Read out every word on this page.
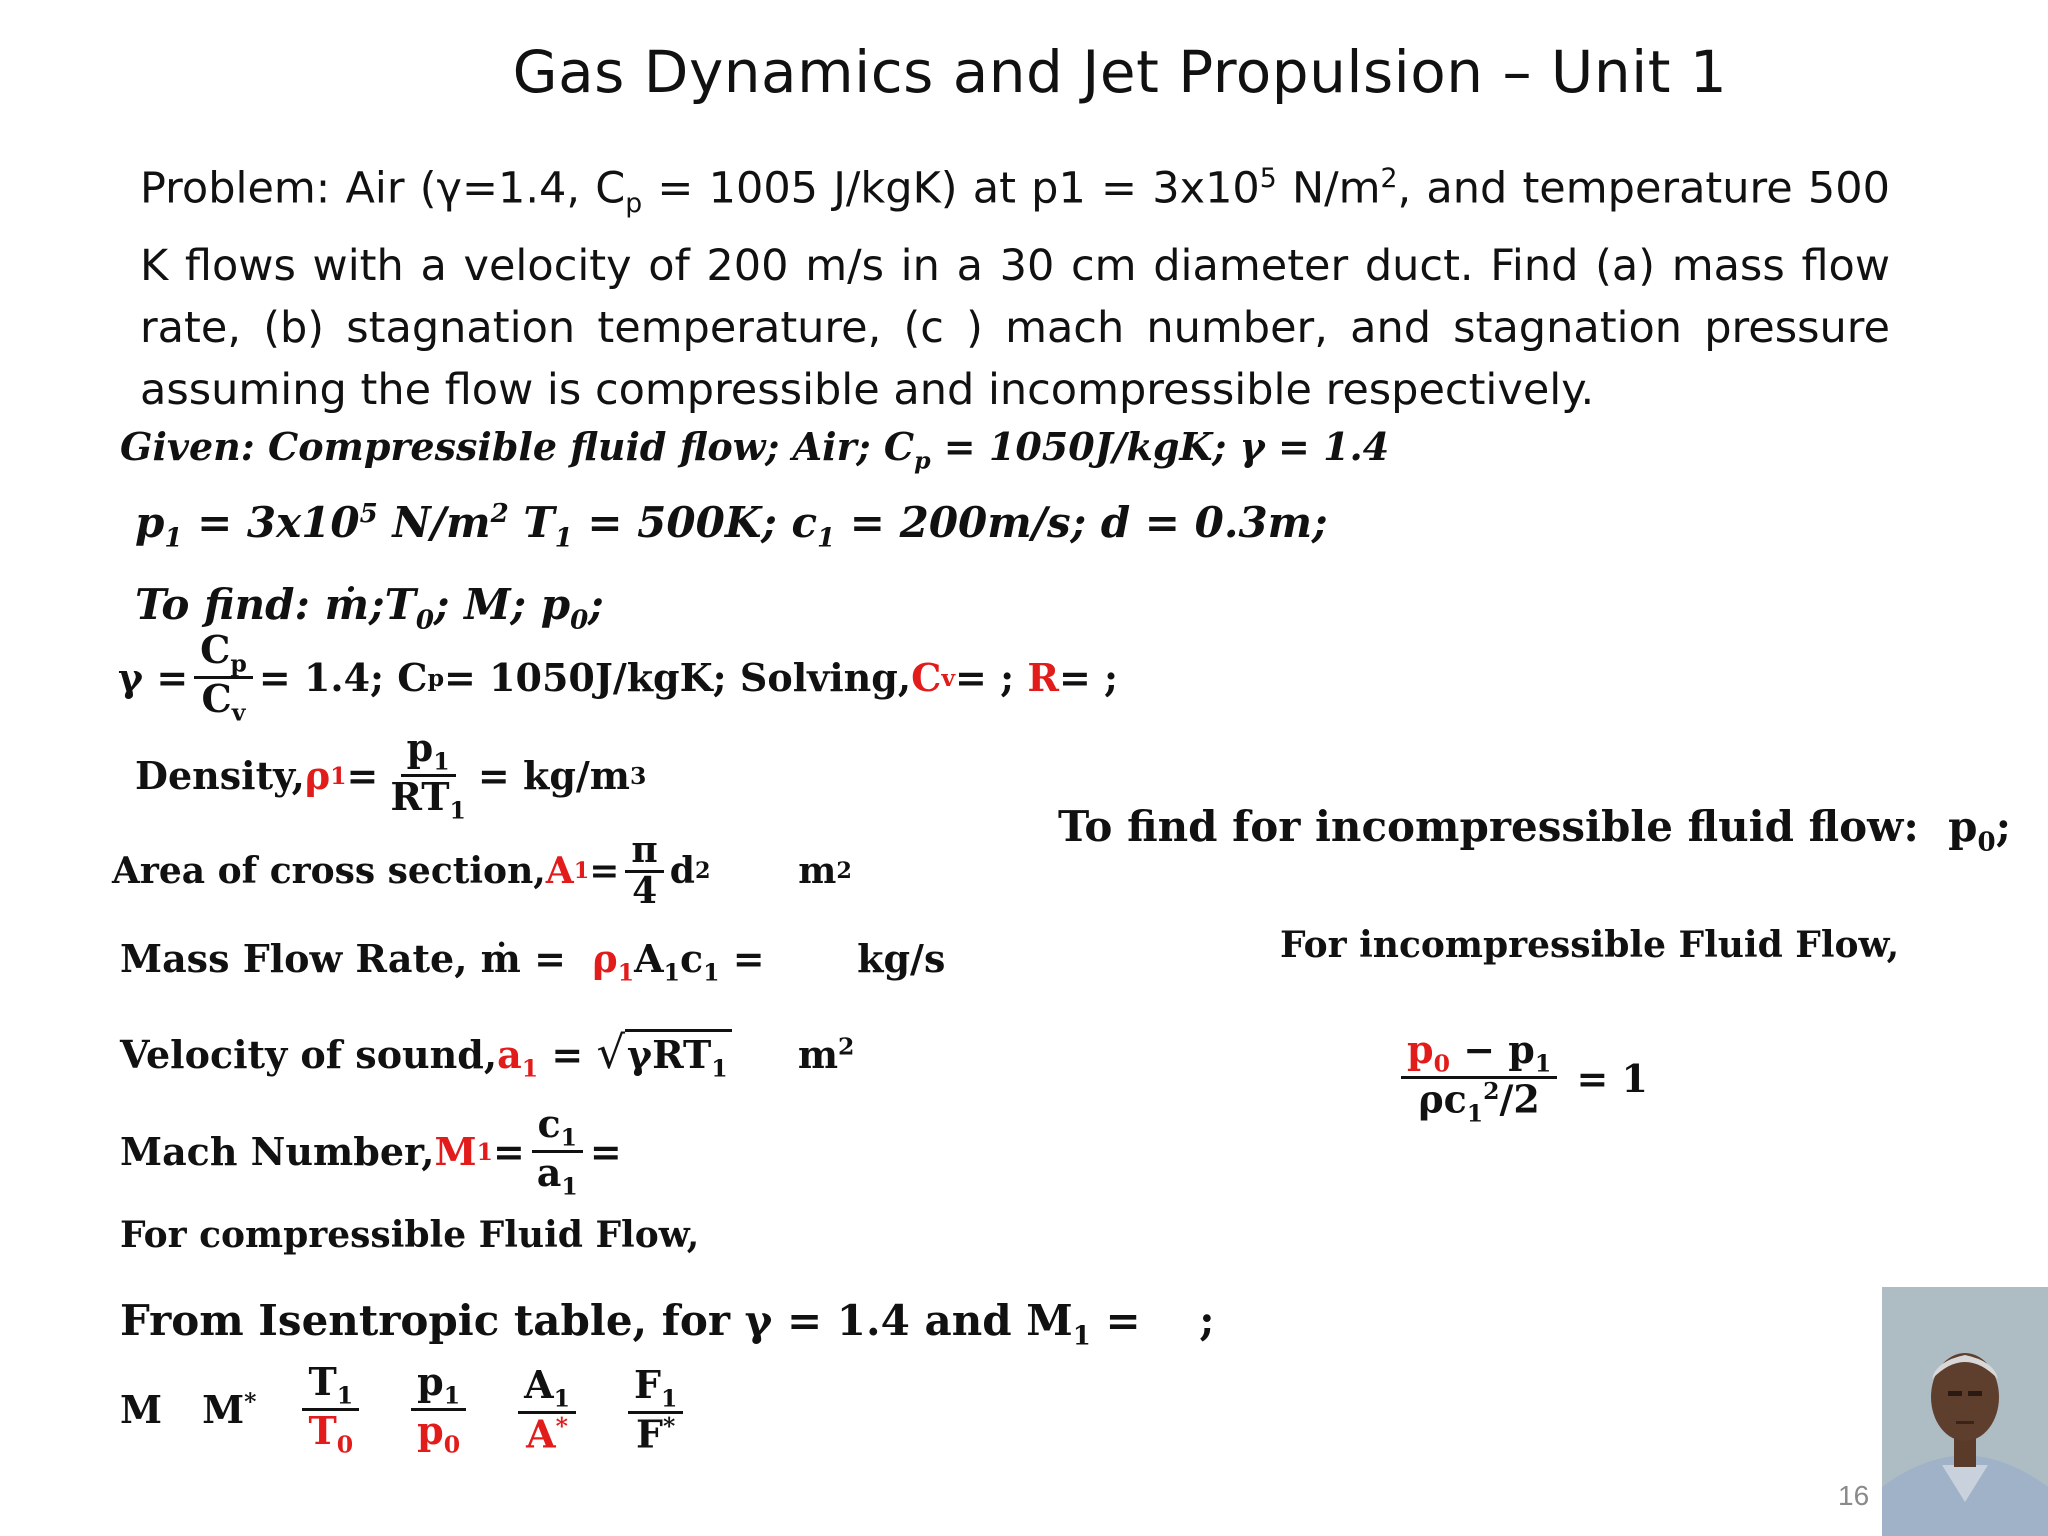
Gas Dynamics and Jet Propulsion – Unit 1
Problem: Air (γ=1.4, $C_p = 1005$ J/kgK) at $p1 = 3x10^5$ $N/m^2$, and temperature 500 K flows with a velocity of 200 m/s in a 30 cm diameter duct. Find (a) mass flow rate, (b) stagnation temperature, (c ) mach number, and stagnation pressure assuming the flow is compressible and incompressible respectively.
Given: Compressible fluid flow; Air; $C_p = 1050J/kgK$; γ = 1.4
$p_1 = 3x10^5$ $N/m^2$ $T_1 = 500K$; $c_1 = 200m/s$; d = 0.3m;
To find: $ṁ;T_0$; M; $p_0$;
$\gamma = \frac{C_p}{C_v} = 1.4$; C p = 1050J/kgK; Solving, C v = ;
R = ;
Density, ρ $1 = \frac{p_1}{RT_1} = kg/m$ 3
Area of cross section, A $1 = \frac{\pi}{4}$ d 2 m 2
Mass Flow Rate, ṁ =  $\rho_1A_1c_1$ =       kg/s
Velocity of $sound,a_1 = √\gamma RT_1$     $m^2$
Mach Number, M $1 = \frac{c_1}{a_1}$ =
For compressible Fluid Flow,
From Isentropic table, for γ = 1.4 and $M_1$ =    ;
M $M^* \frac{T_1}{T_0} \frac{p_1}{p_0} \frac{A_1}{A^*} \frac{F_1}{F^*}$
To find for incompressible fluid flow:  $p_0$;
For incompressible Fluid Flow,
$\frac{p_0 - p_1}{\rho c_1^2/2} = 1$
16
